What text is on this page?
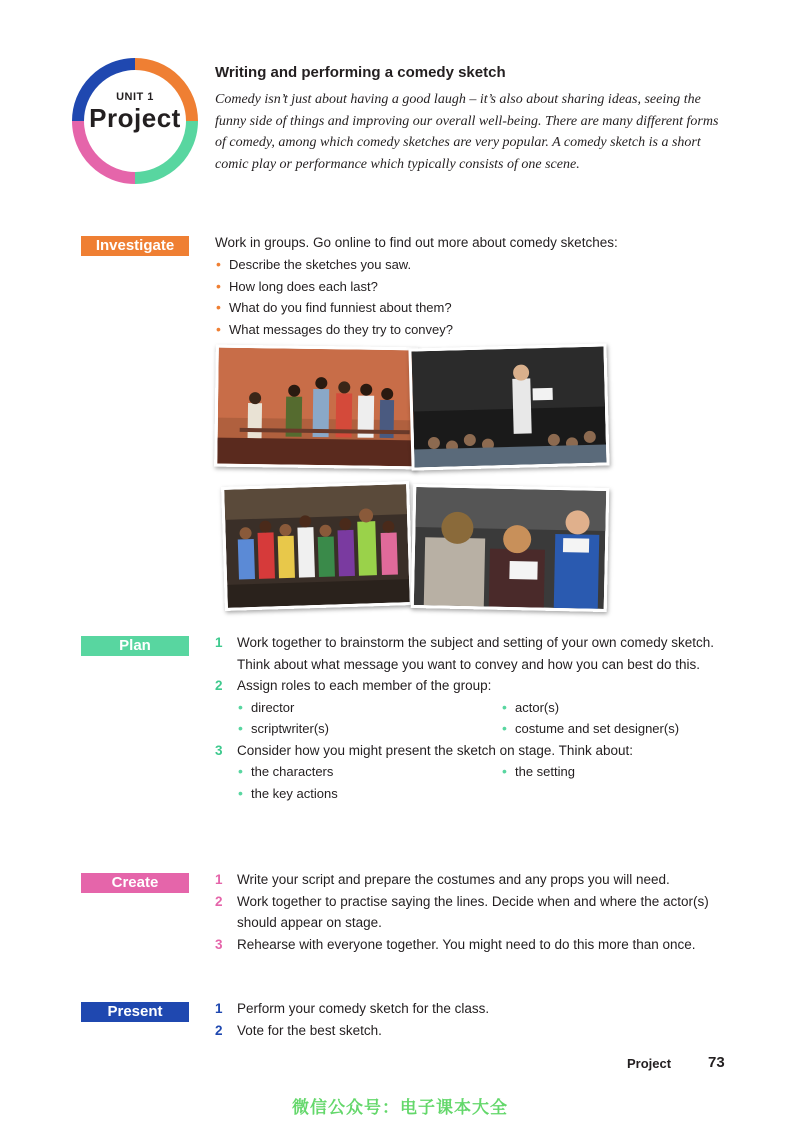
UNIT 1
Project
Writing and performing a comedy sketch
Comedy isn’t just about having a good laugh – it’s also about sharing ideas, seeing the funny side of things and improving our overall well-being. There are many different forms of comedy, among which comedy sketches are very popular. A comedy sketch is a short comic play or performance which typically consists of one scene.
Investigate	Work in groups. Go online to find out more about comedy sketches:
• Describe the sketches you saw.
• How long does each last?
• What do you find funniest about them?
• What messages do they try to convey?
Plan	1 Work together to brainstorm the subject and setting of your own comedy sketch. Think about what message you want to convey and how you can best do this.
2 Assign roles to each member of the group:
• director	• actor(s)
• scriptwriter(s)	• costume and set designer(s)
3 Consider how you might present the sketch on stage. Think about:
• the characters	• the setting
• the key actions
Create	1 Write your script and prepare the costumes and any props you will need.
2 Work together to practise saying the lines. Decide when and where the actor(s) should appear on stage.
3 Rehearse with everyone together. You might need to do this more than once.
Present	1 Perform your comedy sketch for the class.
2 Vote for the best sketch.
Project 73
微信公众号：电子课本大全
